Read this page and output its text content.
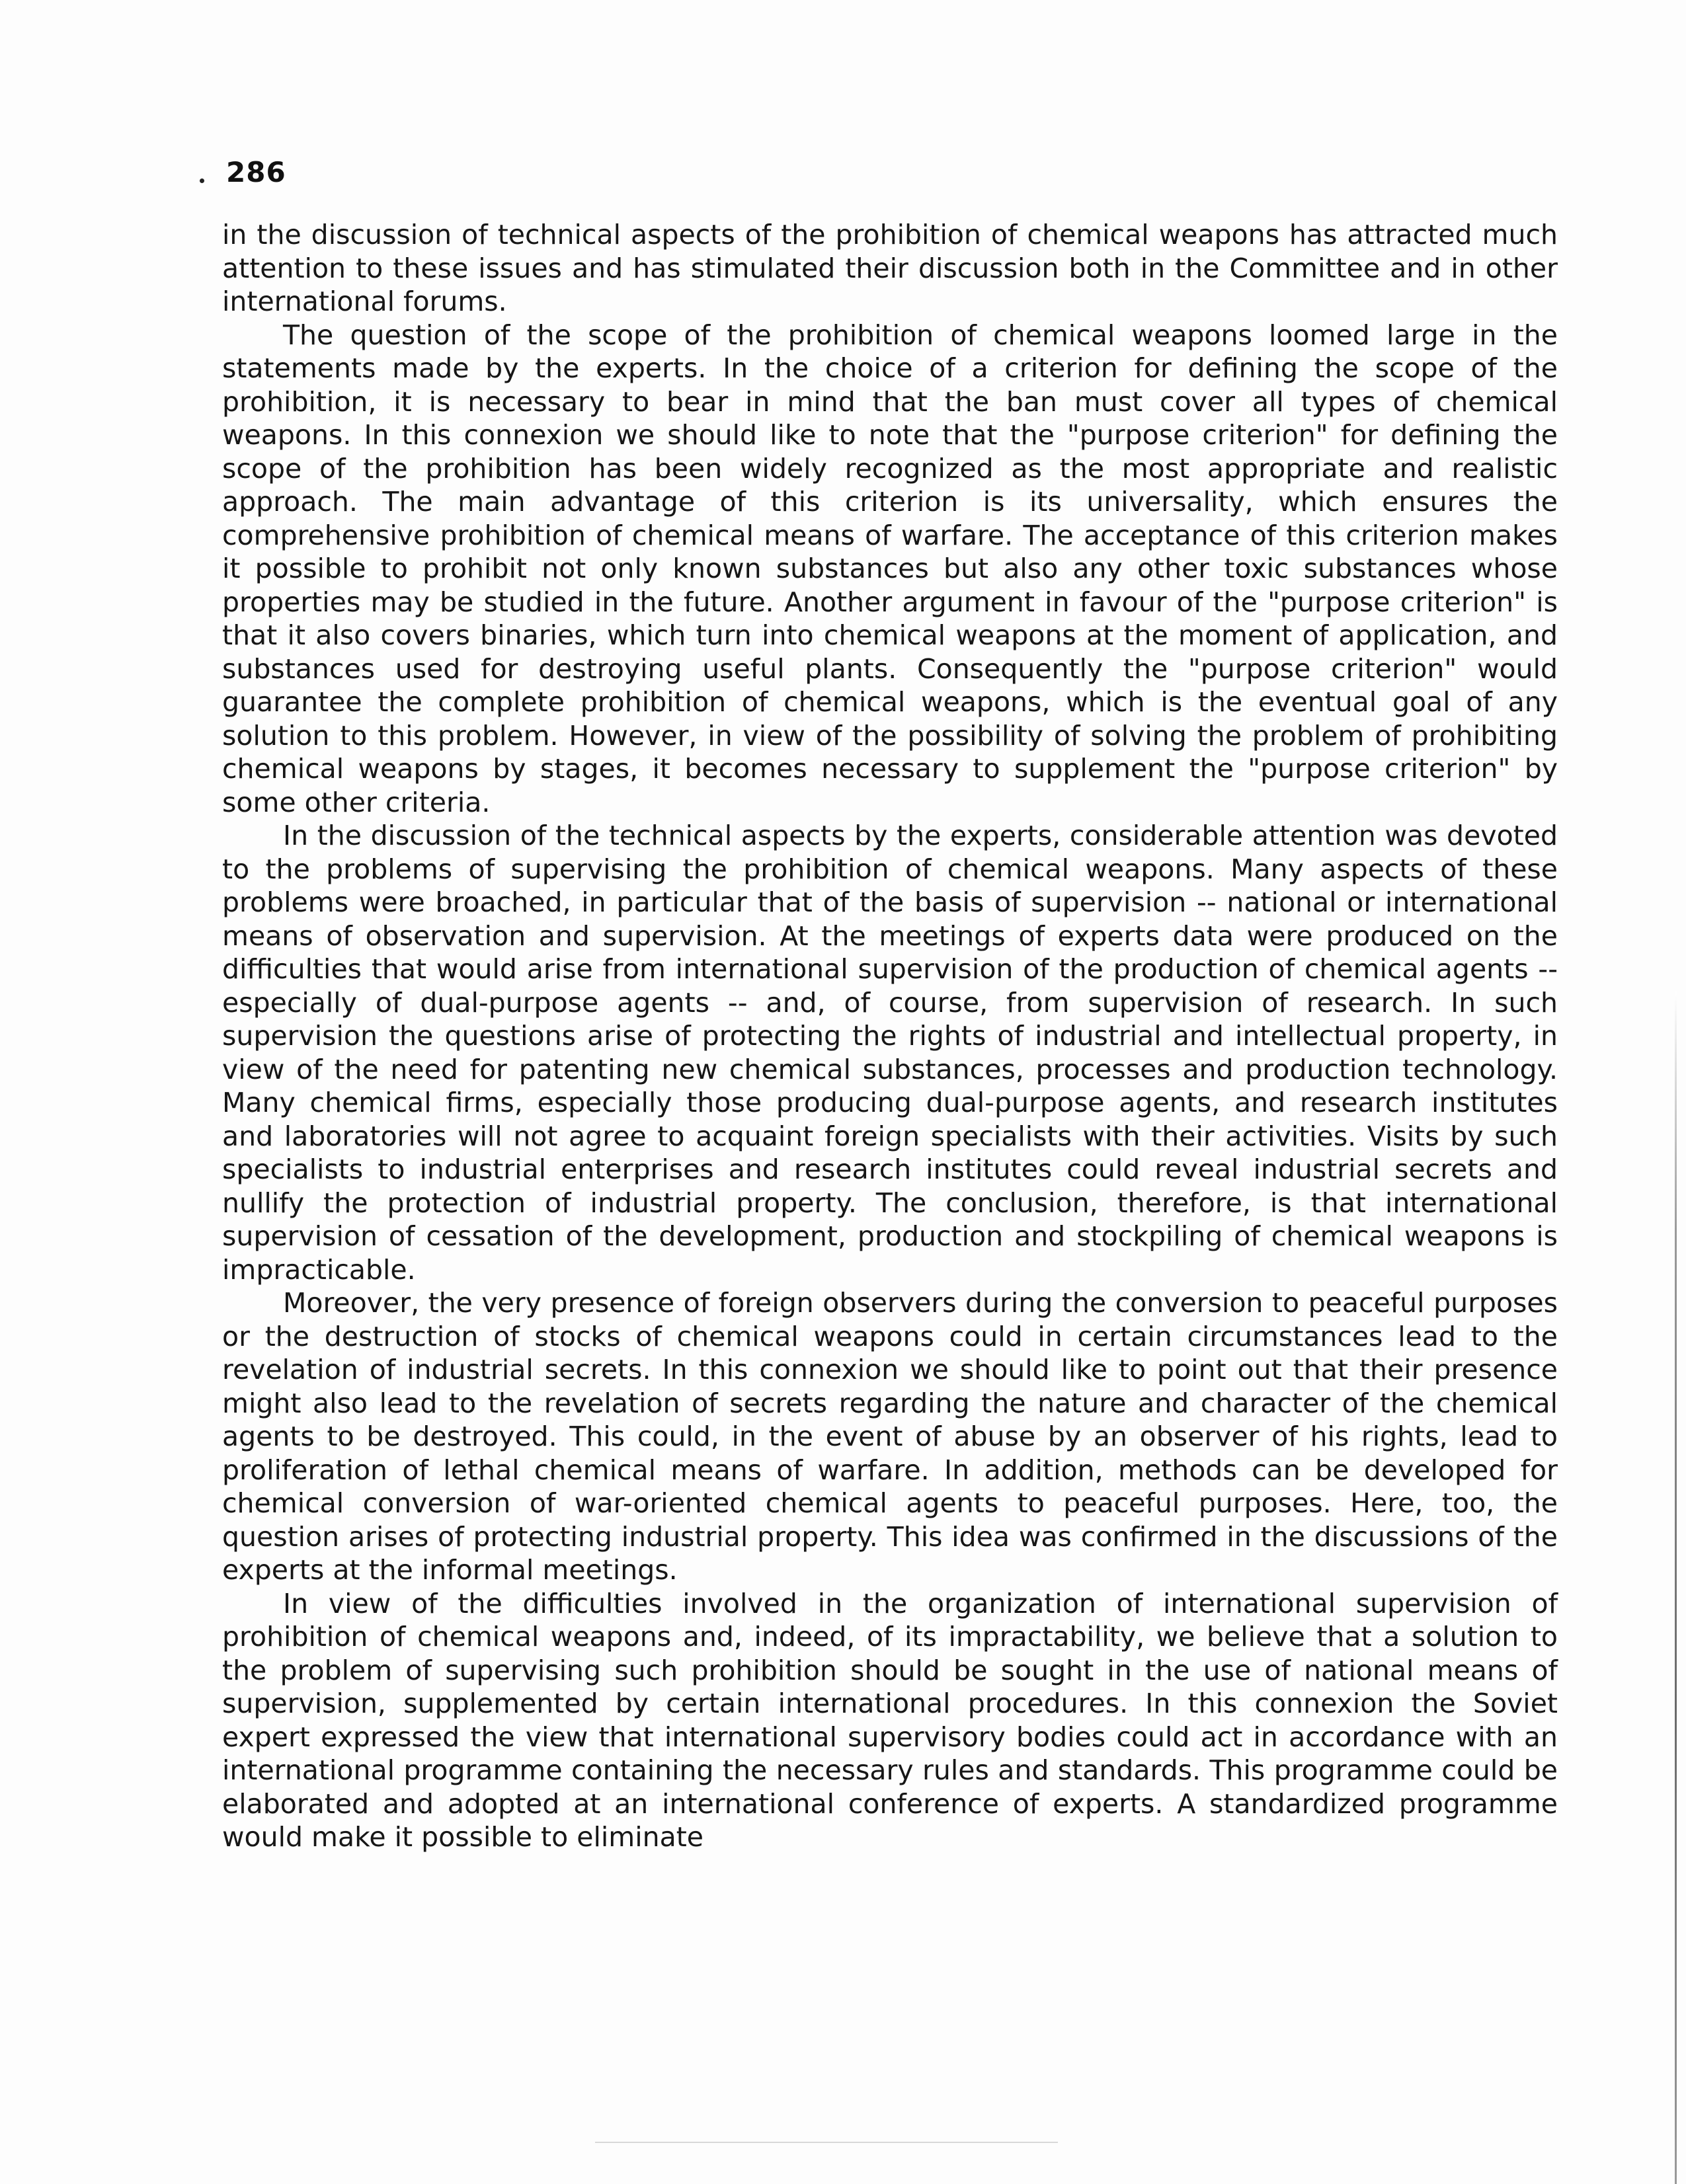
286

in the discussion of technical aspects of the prohibition of chemical weapons has attracted much attention to these issues and has stimulated their discussion both in the Committee and in other international forums.

The question of the scope of the prohibition of chemical weapons loomed large in the statements made by the experts. In the choice of a criterion for defining the scope of the prohibition, it is necessary to bear in mind that the ban must cover all types of chemical weapons. In this connexion we should like to note that the "purpose criterion" for defining the scope of the prohibition has been widely recognized as the most appropriate and realistic approach. The main advantage of this criterion is its universality, which ensures the comprehensive prohibition of chemical means of warfare. The acceptance of this criterion makes it possible to prohibit not only known substances but also any other toxic substances whose properties may be studied in the future. Another argument in favour of the "purpose criterion" is that it also covers binaries, which turn into chemical weapons at the moment of application, and substances used for destroying useful plants. Consequently the "purpose criterion" would guarantee the complete prohibition of chemical weapons, which is the eventual goal of any solution to this problem. However, in view of the possibility of solving the problem of prohibiting chemical weapons by stages, it becomes necessary to supplement the "purpose criterion" by some other criteria.

In the discussion of the technical aspects by the experts, considerable attention was devoted to the problems of supervising the prohibition of chemical weapons. Many aspects of these problems were broached, in particular that of the basis of supervision -- national or international means of observation and supervision. At the meetings of experts data were produced on the difficulties that would arise from international supervision of the production of chemical agents -- especially of dual-purpose agents -- and, of course, from supervision of research. In such supervision the questions arise of protecting the rights of industrial and intellectual property, in view of the need for patenting new chemical substances, processes and production technology. Many chemical firms, especially those producing dual-purpose agents, and research institutes and laboratories will not agree to acquaint foreign specialists with their activities. Visits by such specialists to industrial enterprises and research institutes could reveal industrial secrets and nullify the protection of industrial property. The conclusion, therefore, is that international supervision of cessation of the development, production and stockpiling of chemical weapons is impracticable.

Moreover, the very presence of foreign observers during the conversion to peaceful purposes or the destruction of stocks of chemical weapons could in certain circumstances lead to the revelation of industrial secrets. In this connexion we should like to point out that their presence might also lead to the revelation of secrets regarding the nature and character of the chemical agents to be destroyed. This could, in the event of abuse by an observer of his rights, lead to proliferation of lethal chemical means of warfare. In addition, methods can be developed for chemical conversion of war-oriented chemical agents to peaceful purposes. Here, too, the question arises of protecting industrial property. This idea was confirmed in the discussions of the experts at the informal meetings.

In view of the difficulties involved in the organization of international supervision of prohibition of chemical weapons and, indeed, of its impractability, we believe that a solution to the problem of supervising such prohibition should be sought in the use of national means of supervision, supplemented by certain international procedures. In this connexion the Soviet expert expressed the view that international supervisory bodies could act in accordance with an international programme containing the necessary rules and standards. This programme could be elaborated and adopted at an international conference of experts. A standardized programme would make it possible to eliminate
